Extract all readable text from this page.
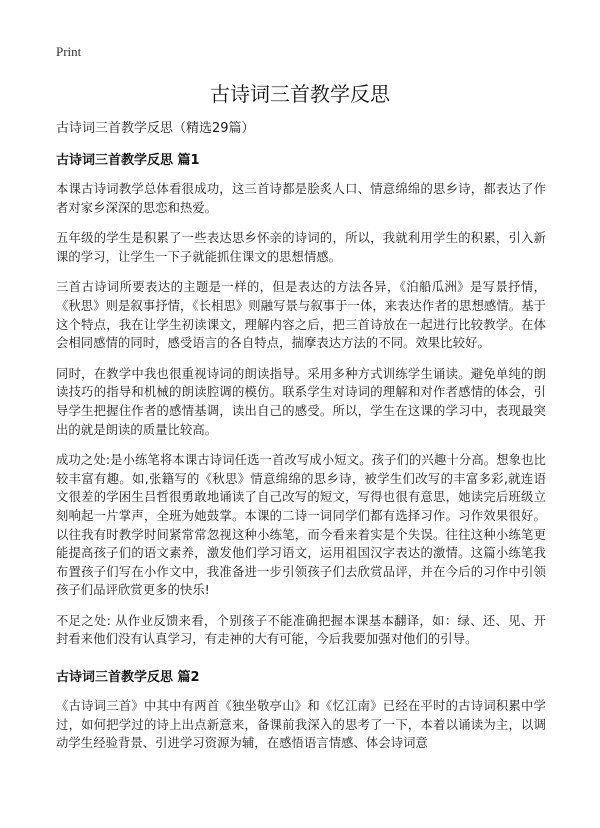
Print
古诗词三首教学反思

古诗词三首教学反思（精选29篇）

古诗词三首教学反思 篇1

本课古诗词教学总体看很成功，这三首诗都是脍炙人口、情意绵绵的思乡诗，都表达了作者对家乡深深的思恋和热爱。

五年级的学生是积累了一些表达思乡怀亲的诗词的，所以，我就利用学生的积累，引入新课的学习，让学生一下子就能抓住课文的思想情感。

三首古诗词所要表达的主题是一样的，但是表达的方法各异，《泊船瓜洲》是写景抒情，《秋思》则是叙事抒情，《长相思》则融写景与叙事于一体，来表达作者的思想感情。基于这个特点，我在让学生初读课文，理解内容之后，把三首诗放在一起进行比较教学。在体会相同感情的同时，感受语言的各自特点，揣摩表达方法的不同。效果比较好。

同时，在教学中我也很重视诗词的朗读指导。采用多种方式训练学生诵读。避免单纯的朗读技巧的指导和机械的朗读腔调的模仿。联系学生对诗词的理解和对作者感情的体会，引导学生把握住作者的感情基调，读出自己的感受。所以，学生在这课的学习中，表现最突出的就是朗读的质量比较高。

成功之处:是小练笔将本课古诗词任选一首改写成小短文。孩子们的兴趣十分高。想象也比较丰富有趣。如,张籍写的《秋思》情意绵绵的思乡诗，被学生们改写的丰富多彩,就连语文很差的学困生吕哲很勇敢地诵读了自己改写的短文，写得也很有意思，她读完后班级立刻响起一片掌声，全班为她鼓掌。本课的二诗一词同学们都有选择习作。习作效果很好。以往我有时教学时间紧常常忽视这种小练笔，而今看来着实是个失误。往往这种小练笔更能提高孩子们的语文素养，激发他们学习语文，运用祖国汉字表达的激情。这篇小练笔我布置孩子们写在小作文中，我准备进一步引领孩子们去欣赏品评，并在今后的习作中引领孩子们品评欣赏更多的快乐!

不足之处: 从作业反馈来看，个别孩子不能准确把握本课基本翻译，如：绿、还、见、开封看来他们没有认真学习，有走神的大有可能，今后我要加强对他们的引导。

古诗词三首教学反思 篇2

《古诗词三首》中其中有两首《独坐敬亭山》和《忆江南》已经在平时的古诗词积累中学过，如何把学过的诗上出点新意来，备课前我深入的思考了一下，本着以诵读为主，以调动学生经验背景、引进学习资源为辅，在感悟语言情感、体会诗词意
